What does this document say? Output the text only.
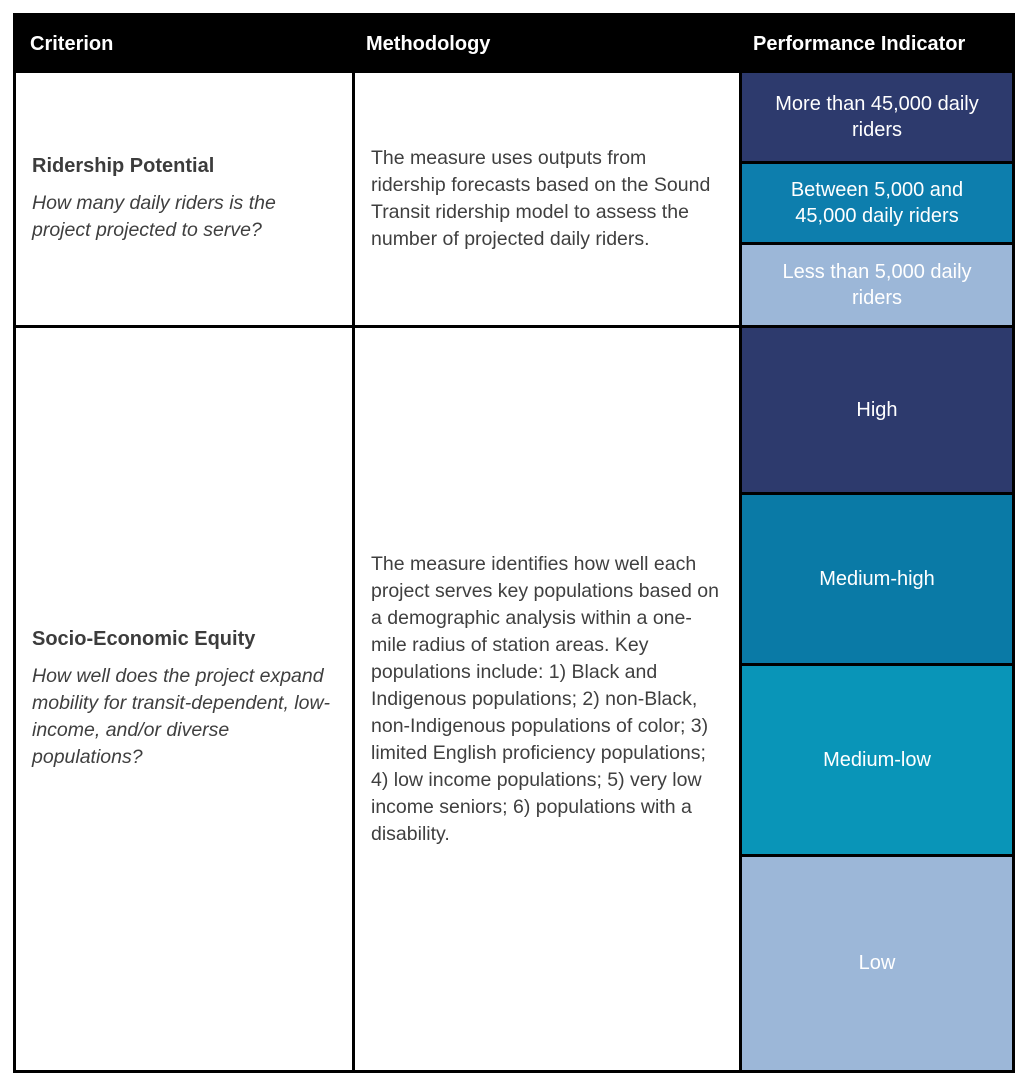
Criterion	Methodology	Performance Indicator
Ridership Potential
How many daily riders is the project projected to serve?
The measure uses outputs from ridership forecasts based on the Sound Transit ridership model to assess the number of projected daily riders.
More than 45,000 daily riders
Between 5,000 and 45,000 daily riders
Less than 5,000 daily riders
Socio-Economic Equity
How well does the project expand mobility for transit-dependent, low-income, and/or diverse populations?
The measure identifies how well each project serves key populations based on a demographic analysis within a one-mile radius of station areas. Key populations include: 1) Black and Indigenous populations; 2) non-Black, non-Indigenous populations of color; 3) limited English proficiency populations; 4) low income populations; 5) very low income seniors; 6) populations with a disability.
High
Medium-high
Medium-low
Low
